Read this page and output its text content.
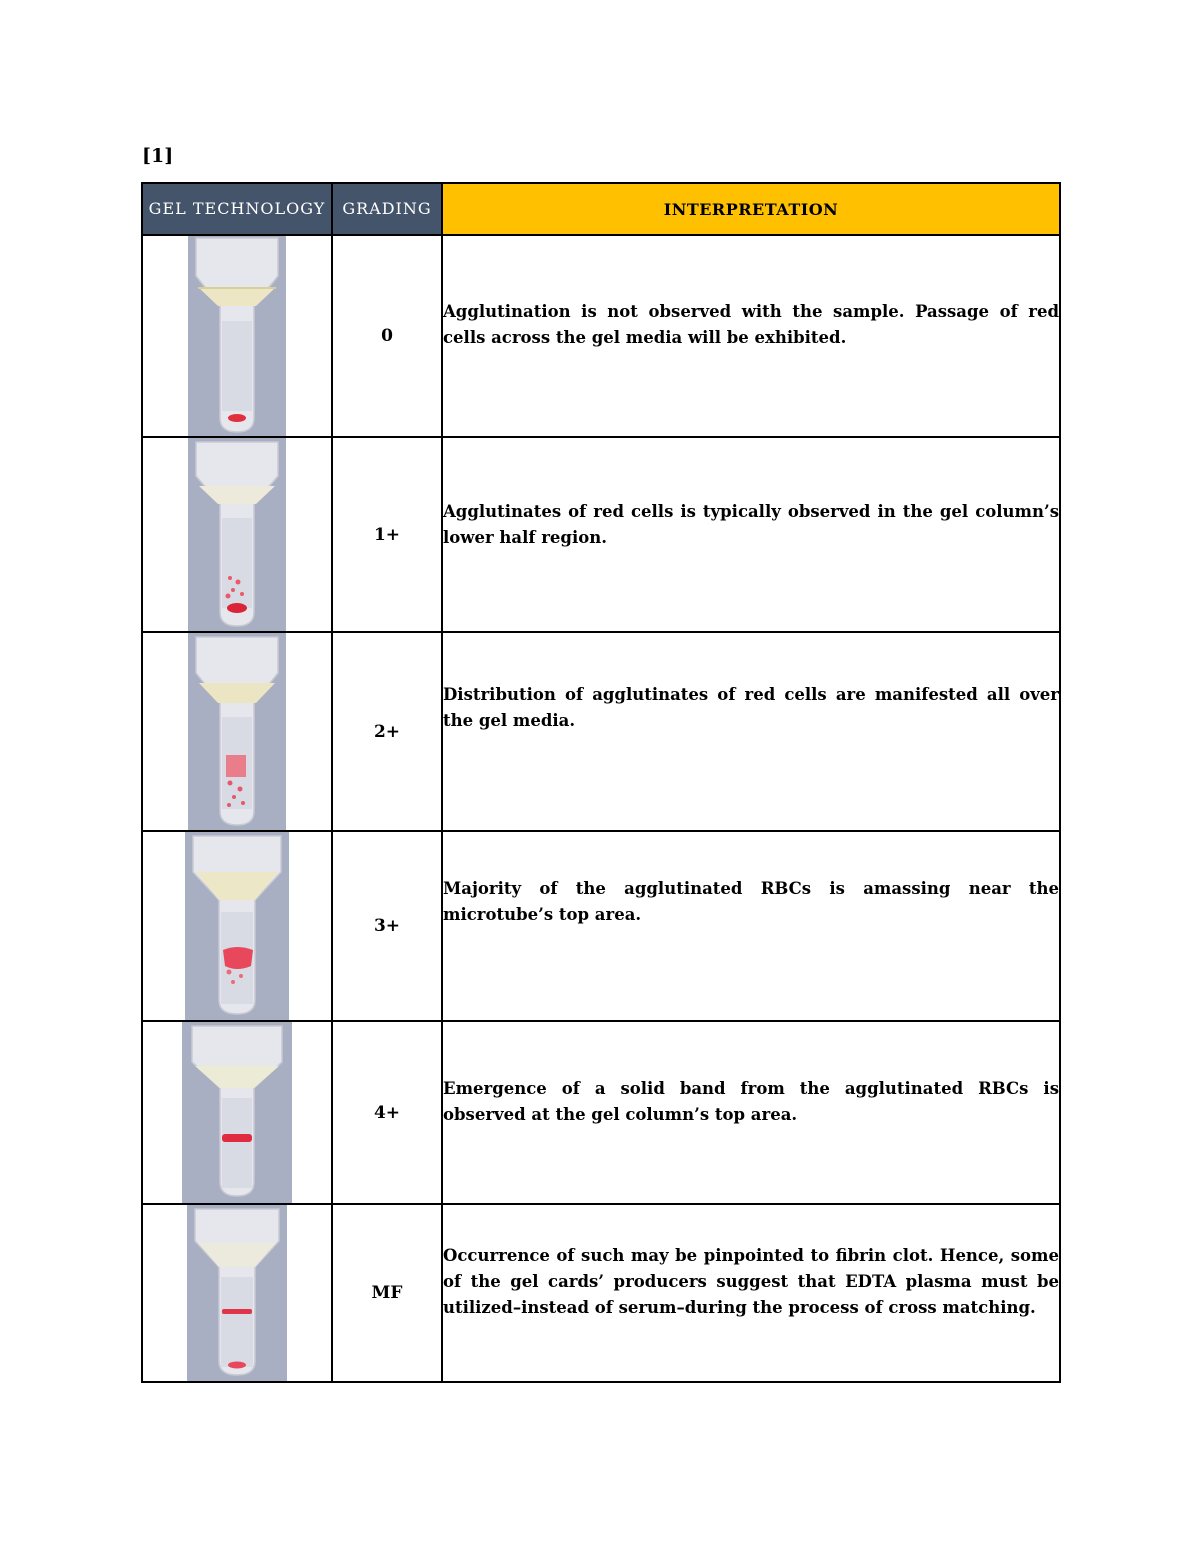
[1]
GEL TECHNOLOGY	GRADING	INTERPRETATION

	0	Agglutination is not observed with the sample. Passage of red cells across the gel media will be exhibited.

	1+	Agglutinates of red cells is typically observed in the gel column’s lower half region.

	2+	Distribution of agglutinates of red cells are manifested all over the gel media.

	3+	Majority of the agglutinated RBCs is amassing near the microtube’s top area.

	4+	Emergence of a solid band from the agglutinated RBCs is observed at the gel column’s top area.

	MF	Occurrence of such may be pinpointed to fibrin clot. Hence, some of the gel cards’ producers suggest that EDTA plasma must be utilized–instead of serum–during the process of cross matching.
